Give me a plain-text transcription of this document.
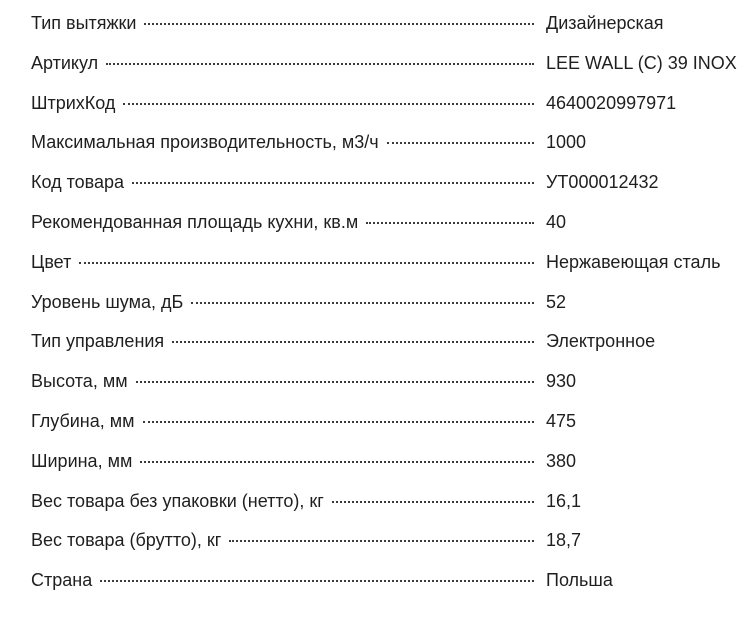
Тип вытяжки	Дизайнерская
Артикул	LEE WALL (C) 39 INOX
ШтрихКод	4640020997971
Максимальная производительность, м3/ч	1000
Код товара	УТ000012432
Рекомендованная площадь кухни, кв.м	40
Цвет	Нержавеющая сталь
Уровень шума, дБ	52
Тип управления	Электронное
Высота, мм	930
Глубина, мм	475
Ширина, мм	380
Вес товара без упаковки (нетто), кг	16,1
Вес товара (брутто), кг	18,7
Страна	Польша
